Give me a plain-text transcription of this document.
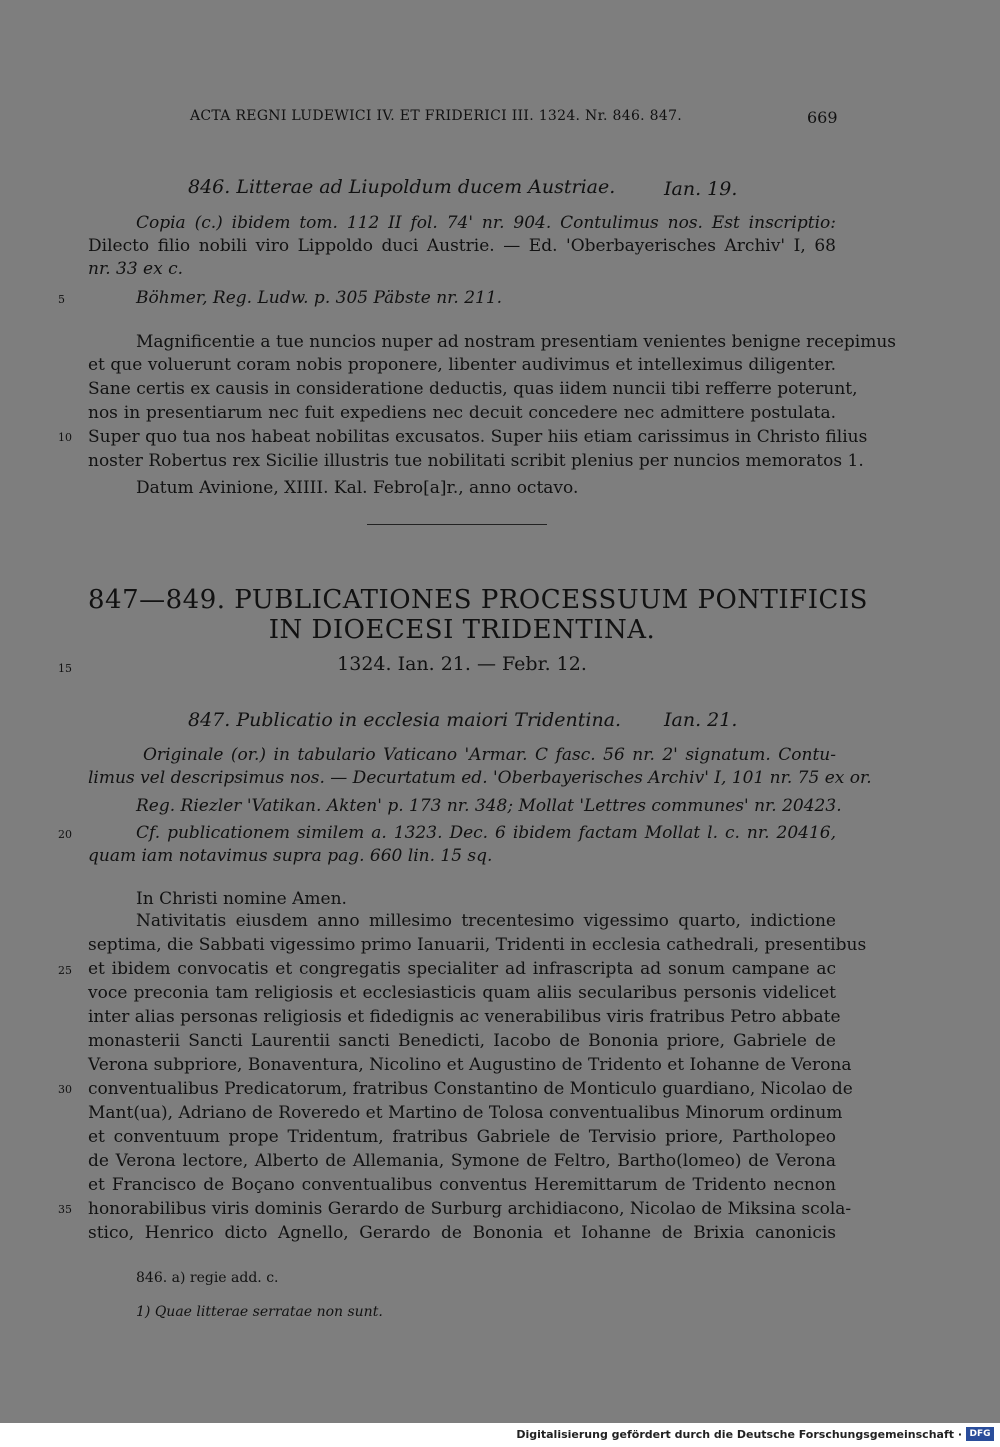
ACTA REGNI LUDEWICI IV. ET FRIDERICI III. 1324. Nr. 846. 847.	669
846. Litterae ad Liupoldum ducem Austriae.	Ian. 19.
Copia (c.) ibidem tom. 112 II fol. 74' nr. 904. Contulimus nos. Est inscriptio:
Dilecto filio nobili viro Lippoldo duci Austrie. — Ed. 'Oberbayerisches Archiv' I, 68
nr. 33 ex c.
5	Böhmer, Reg. Ludw. p. 305 Päbste nr. 211.
Magnificentie a tue nuncios nuper ad nostram presentiam venientes benigne recepimus
et que voluerunt coram nobis proponere, libenter audivimus et intelleximus diligenter.
Sane certis ex causis in consideratione deductis, quas iidem nuncii tibi refferre poterunt,
nos in presentiarum nec fuit expediens nec decuit concedere nec admittere postulata.
10 Super quo tua nos habeat nobilitas excusatos. Super hiis etiam carissimus in Christo filius
noster Robertus rex Sicilie illustris tue nobilitati scribit plenius per nuncios memoratos 1.
Datum Avinione, XIIII. Kal. Febro[a]r., anno octavo.
847—849. PUBLICATIONES PROCESSUUM PONTIFICIS
IN DIOECESI TRIDENTINA.
15	1324. Ian. 21. — Febr. 12.
847. Publicatio in ecclesia maiori Tridentina. Ian. 21.
Originale (or.) in tabulario Vaticano 'Armar. C fasc. 56 nr. 2' signatum. Contu-
limus vel descripsimus nos. — Decurtatum ed. 'Oberbayerisches Archiv' I, 101 nr. 75 ex or.
Reg. Riezler 'Vatikan. Akten' p. 173 nr. 348; Mollat 'Lettres communes' nr. 20423.
20	Cf. publicationem similem a. 1323. Dec. 6 ibidem factam Mollat l. c. nr. 20416,
quam iam notavimus supra pag. 660 lin. 15 sq.
In Christi nomine Amen.
Nativitatis eiusdem anno millesimo trecentesimo vigessimo quarto, indictione
septima, die Sabbati vigessimo primo Ianuarii, Tridenti in ecclesia cathedrali, presentibus
25 et ibidem convocatis et congregatis specialiter ad infrascripta ad sonum campane ac
voce preconia tam religiosis et ecclesiasticis quam aliis secularibus personis videlicet
inter alias personas religiosis et fidedignis ac venerabilibus viris fratribus Petro abbate
monasterii Sancti Laurentii sancti Benedicti, Iacobo de Bononia priore, Gabriele de
Verona subpriore, Bonaventura, Nicolino et Augustino de Tridento et Iohanne de Verona
30 conventualibus Predicatorum, fratribus Constantino de Monticulo guardiano, Nicolao de
Mant(ua), Adriano de Roveredo et Martino de Tolosa conventualibus Minorum ordinum
et conventuum prope Tridentum, fratribus Gabriele de Tervisio priore, Partholopeo
de Verona lectore, Alberto de Allemania, Symone de Feltro, Bartho(lomeo) de Verona
et Francisco de Boçano conventualibus conventus Heremittarum de Tridento necnon
35 honorabilibus viris dominis Gerardo de Surburg archidiacono, Nicolao de Miksina scola-
stico, Henrico dicto Agnello, Gerardo de Bononia et Iohanne de Brixia canonicis
846. a) regie add. c.
1) Quae litterae serratae non sunt.
Digitalisierung gefördert durch die Deutsche Forschungsgemeinschaft · DFG
